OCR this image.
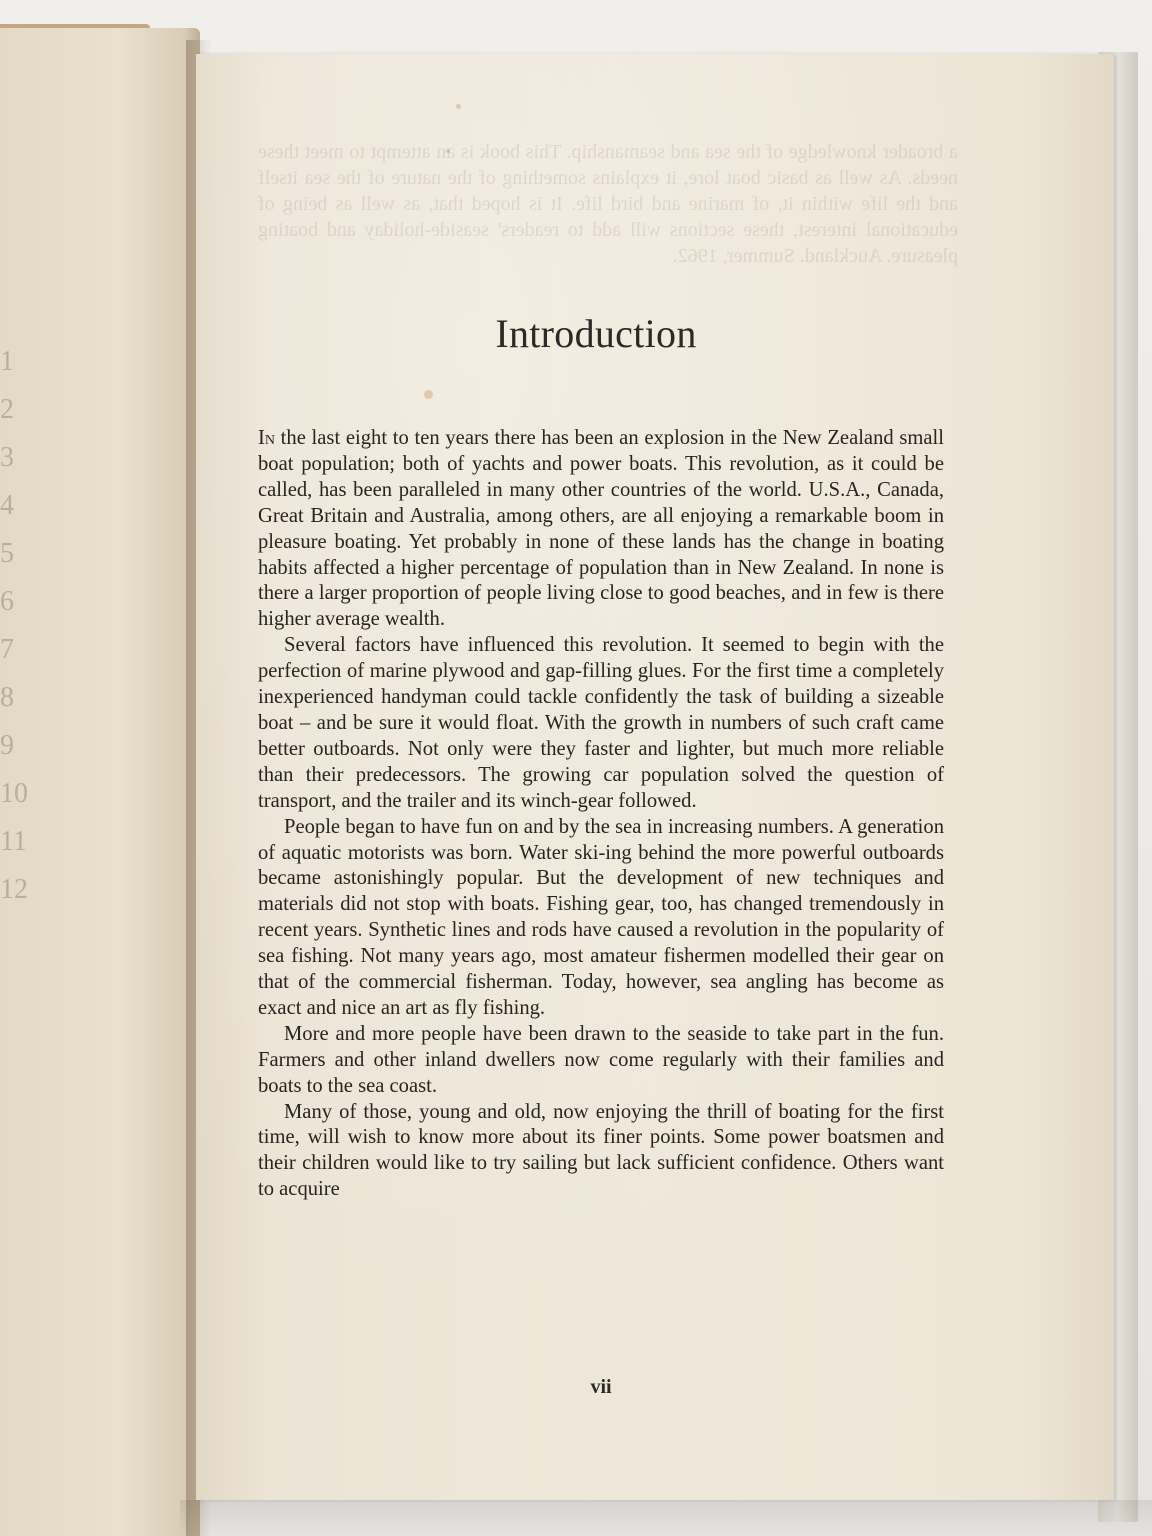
1
2
3
4
5
6
7
8
9
10
11
12
a broader knowledge of the sea and seamanship. This book is an attempt to meet these needs. As well as basic boat lore, it explains something of the nature of the sea itself and the life within it, of marine and bird life. It is hoped that, as well as being of educational interest, these sections will add to readers' seaside-holiday and boating pleasure. Auckland. Summer, 1962.
Introduction

In the last eight to ten years there has been an explosion in the New Zealand small boat population; both of yachts and power boats. This revolution, as it could be called, has been paralleled in many other countries of the world. U.S.A., Canada, Great Britain and Australia, among others, are all enjoying a remarkable boom in pleasure boating. Yet probably in none of these lands has the change in boating habits affected a higher percentage of population than in New Zealand. In none is there a larger proportion of people living close to good beaches, and in few is there higher average wealth.

Several factors have influenced this revolution. It seemed to begin with the perfection of marine plywood and gap-filling glues. For the first time a completely inexperienced handyman could tackle confidently the task of building a sizeable boat – and be sure it would float. With the growth in numbers of such craft came better outboards. Not only were they faster and lighter, but much more reliable than their predecessors. The growing car population solved the question of transport, and the trailer and its winch-gear followed.

People began to have fun on and by the sea in increasing numbers. A generation of aquatic motorists was born. Water ski-ing behind the more powerful outboards became astonishingly popular. But the development of new techniques and materials did not stop with boats. Fishing gear, too, has changed tremendously in recent years. Synthetic lines and rods have caused a revolution in the popularity of sea fishing. Not many years ago, most amateur fishermen modelled their gear on that of the commercial fisherman. Today, however, sea angling has become as exact and nice an art as fly fishing.

More and more people have been drawn to the seaside to take part in the fun. Farmers and other inland dwellers now come regularly with their families and boats to the sea coast.

Many of those, young and old, now enjoying the thrill of boating for the first time, will wish to know more about its finer points. Some power boatsmen and their children would like to try sailing but lack sufficient confidence. Others want to acquire

vii
